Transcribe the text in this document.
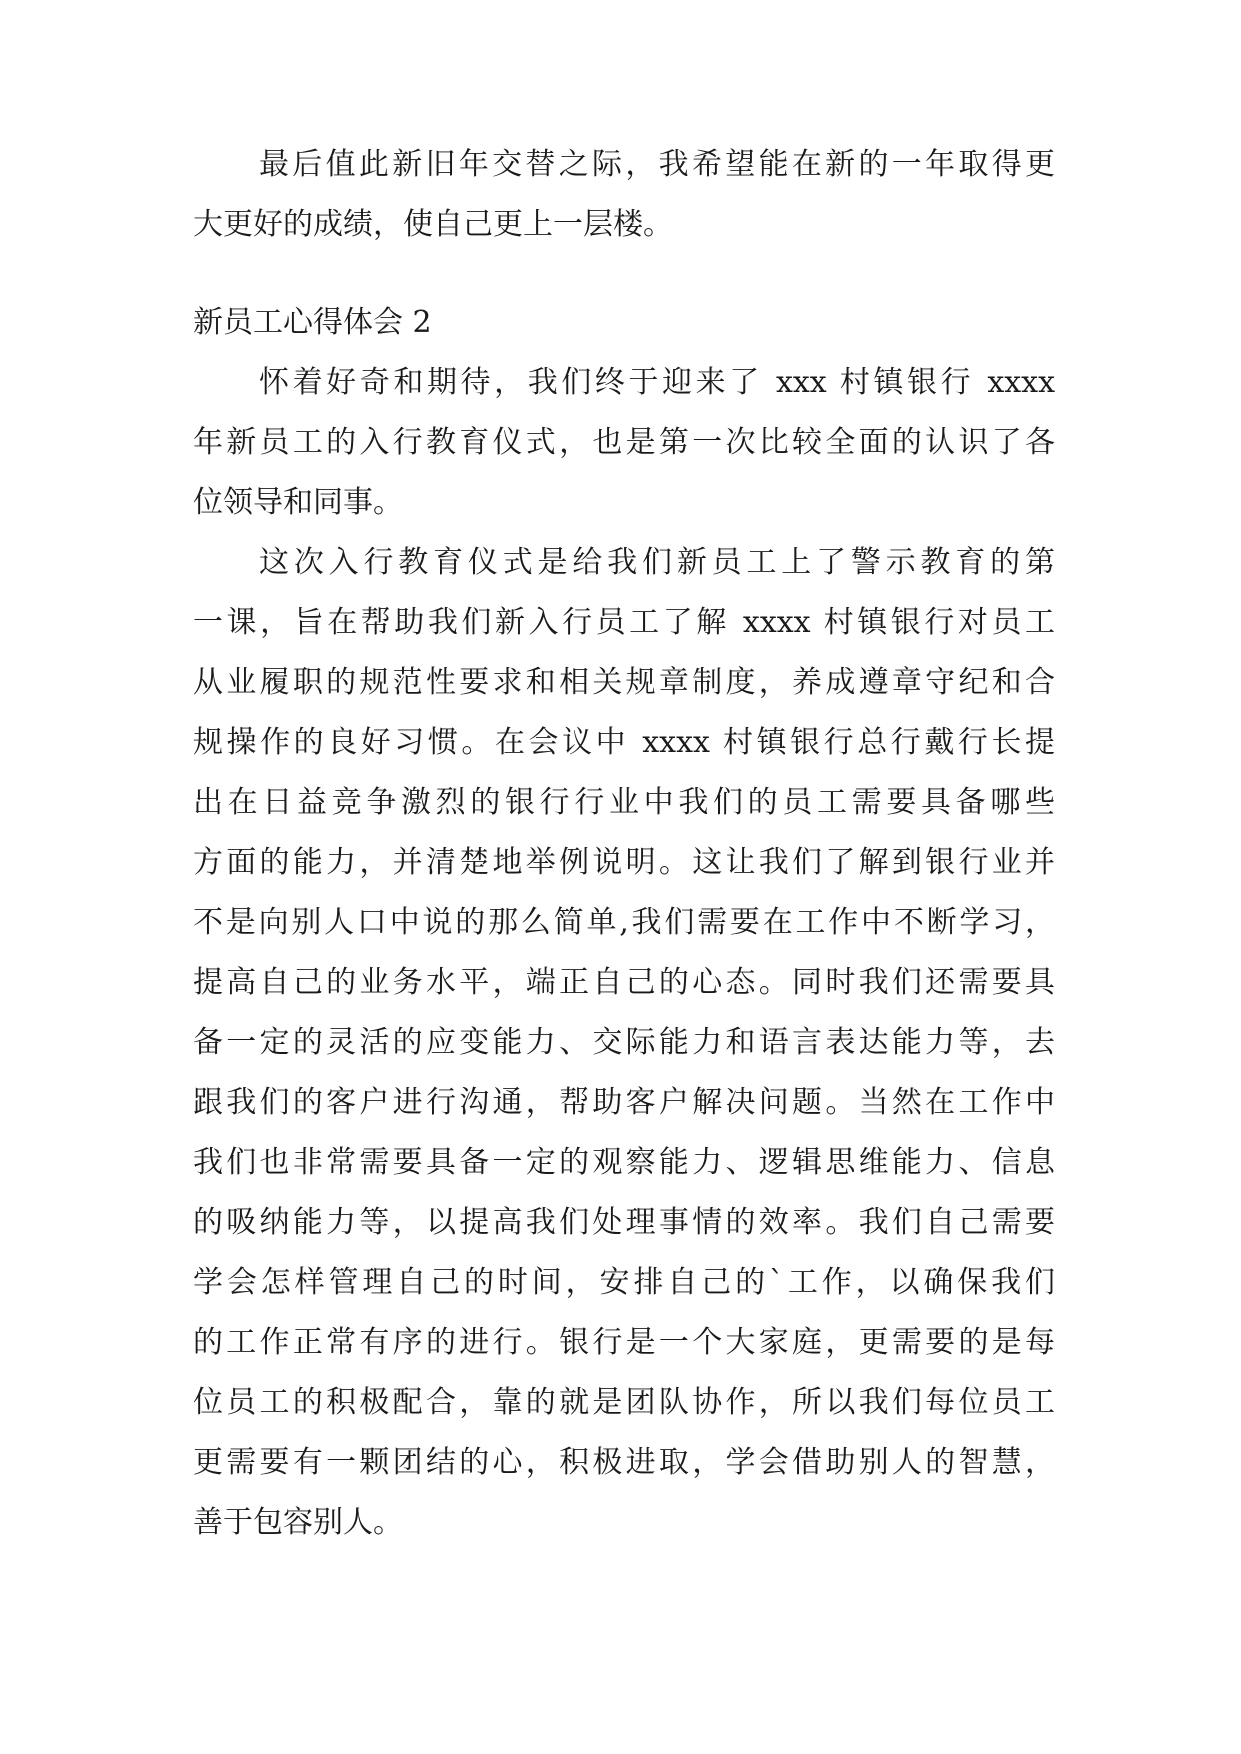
最后值此新旧年交替之际，我希望能在新的一年取得更
大更好的成绩，使自己更上一层楼。
新员工心得体会 2
怀着好奇和期待，我们终于迎来了 xxx 村镇银行 xxxx
年新员工的入行教育仪式，也是第一次比较全面的认识了各
位领导和同事。
这次入行教育仪式是给我们新员工上了警示教育的第
一课，旨在帮助我们新入行员工了解 xxxx 村镇银行对员工
从业履职的规范性要求和相关规章制度，养成遵章守纪和合
规操作的良好习惯。在会议中 xxxx 村镇银行总行戴行长提
出在日益竞争激烈的银行行业中我们的员工需要具备哪些
方面的能力，并清楚地举例说明。这让我们了解到银行业并
不是向别人口中说的那么简单,我们需要在工作中不断学习，
提高自己的业务水平，端正自己的心态。同时我们还需要具
备一定的灵活的应变能力、交际能力和语言表达能力等，去
跟我们的客户进行沟通，帮助客户解决问题。当然在工作中
我们也非常需要具备一定的观察能力、逻辑思维能力、信息
的吸纳能力等，以提高我们处理事情的效率。我们自己需要
学会怎样管理自己的时间，安排自己的`工作，以确保我们
的工作正常有序的进行。银行是一个大家庭，更需要的是每
位员工的积极配合，靠的就是团队协作，所以我们每位员工
更需要有一颗团结的心，积极进取，学会借助别人的智慧，
善于包容别人。
